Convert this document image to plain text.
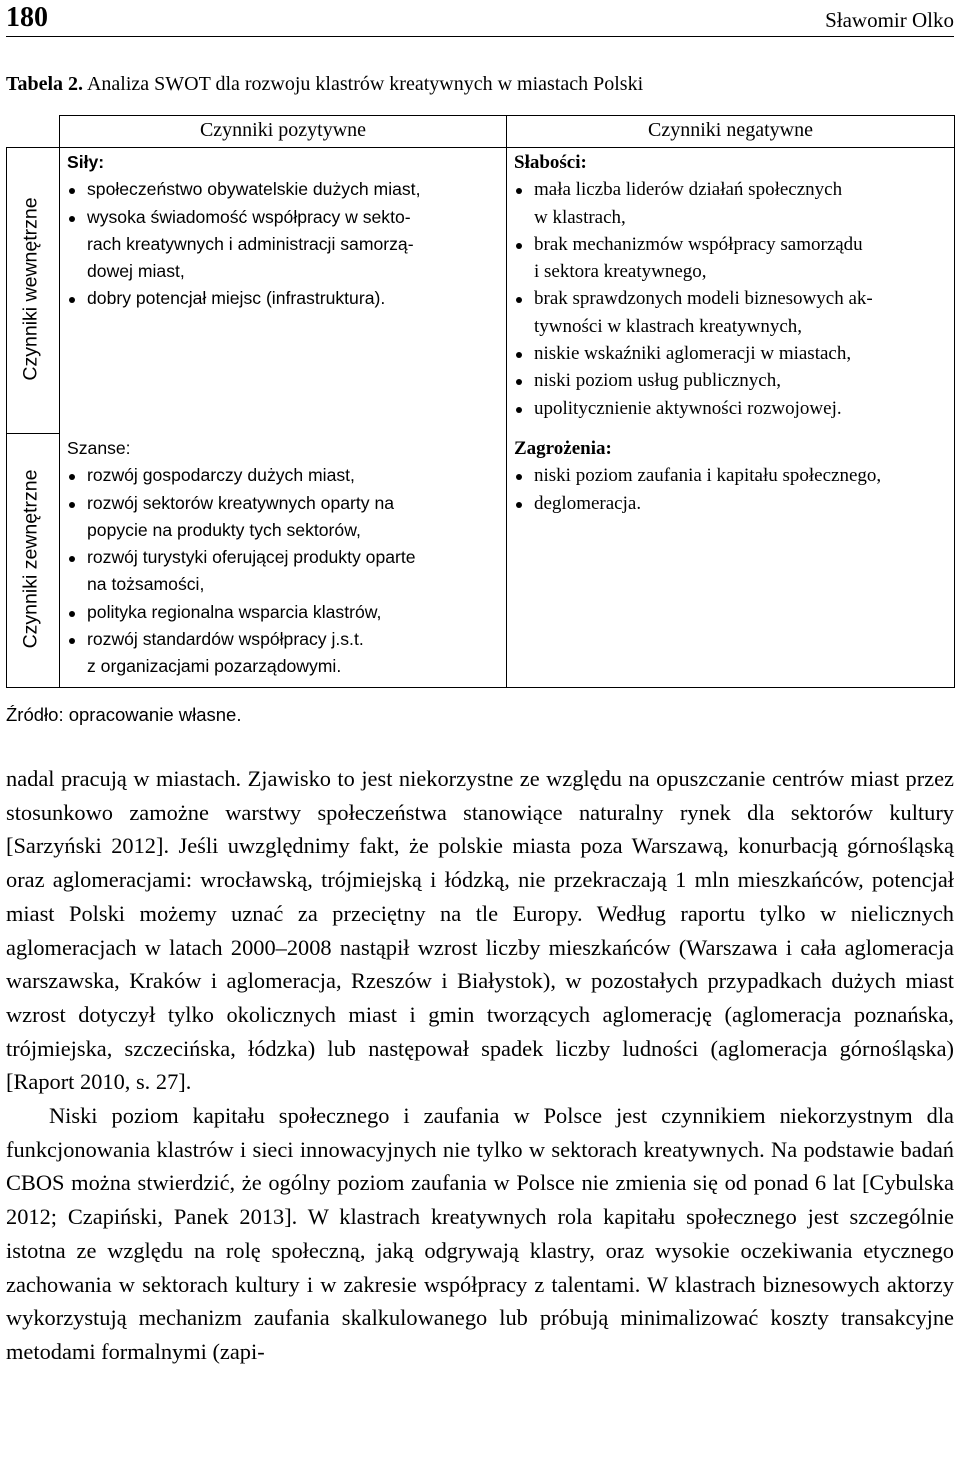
180	Sławomir Olko
Tabela 2. Analiza SWOT dla rozwoju klastrów kreatywnych w miastach Polski
Czynniki pozytywne	Czynniki negatywne
Czynniki wewnętrzne
Czynniki zewnętrzne
Siły:
społeczeństwo obywatelskie dużych miast,
wysoka świadomość współpracy w sekto-
rach kreatywnych i administracji samorzą-
dowej miast,
dobry potencjał miejsc (infrastruktura).
Słabości:
mała liczba liderów działań społecznych
w klastrach,
brak mechanizmów współpracy samorządu
i sektora kreatywnego,
brak sprawdzonych modeli biznesowych ak-
tywności w klastrach kreatywnych,
niskie wskaźniki aglomeracji w miastach,
niski poziom usług publicznych,
upolitycznienie aktywności rozwojowej.
Szanse:
rozwój gospodarczy dużych miast,
rozwój sektorów kreatywnych oparty na
popycie na produkty tych sektorów,
rozwój turystyki oferującej produkty oparte
na tożsamości,
polityka regionalna wsparcia klastrów,
rozwój standardów współpracy j.s.t.
z organizacjami pozarządowymi.
Zagrożenia:
niski poziom zaufania i kapitału społecznego,
deglomeracja.
Źródło: opracowanie własne.

nadal pracują w miastach. Zjawisko to jest niekorzystne ze względu na opuszczanie centrów miast przez stosunkowo zamożne warstwy społeczeństwa stanowiące naturalny rynek dla sektorów kultury [Sarzyński 2012]. Jeśli uwzględnimy fakt, że polskie miasta poza Warszawą, konurbacją górnośląską oraz aglomeracjami: wrocławską, trójmiejską i łódzką, nie przekraczają 1 mln mieszkańców, potencjał miast Polski możemy uznać za przeciętny na tle Europy. Według raportu tylko w nielicznych aglomeracjach w latach 2000–2008 nastąpił wzrost liczby mieszkańców (Warszawa i cała aglomeracja warszawska, Kraków i aglomeracja, Rzeszów i Białystok), w pozostałych przypadkach dużych miast wzrost dotyczył tylko okolicznych miast i gmin tworzących aglomerację (aglomeracja poznańska, trójmiejska, szczecińska, łódzka) lub następował spadek liczby ludności (aglomeracja górnośląska) [Raport 2010, s. 27].

Niski poziom kapitału społecznego i zaufania w Polsce jest czynnikiem niekorzystnym dla funkcjonowania klastrów i sieci innowacyjnych nie tylko w sektorach kreatywnych. Na podstawie badań CBOS można stwierdzić, że ogólny poziom zaufania w Polsce nie zmienia się od ponad 6 lat [Cybulska 2012; Czapiński, Panek 2013]. W klastrach kreatywnych rola kapitału społecznego jest szczególnie istotna ze względu na rolę społeczną, jaką odgrywają klastry, oraz wysokie oczekiwania etycznego zachowania w sektorach kultury i w zakresie współpracy z talentami. W klastrach biznesowych aktorzy wykorzystują mechanizm zaufania skalkulowanego lub próbują minimalizować koszty transakcyjne metodami formalnymi (zapi-
